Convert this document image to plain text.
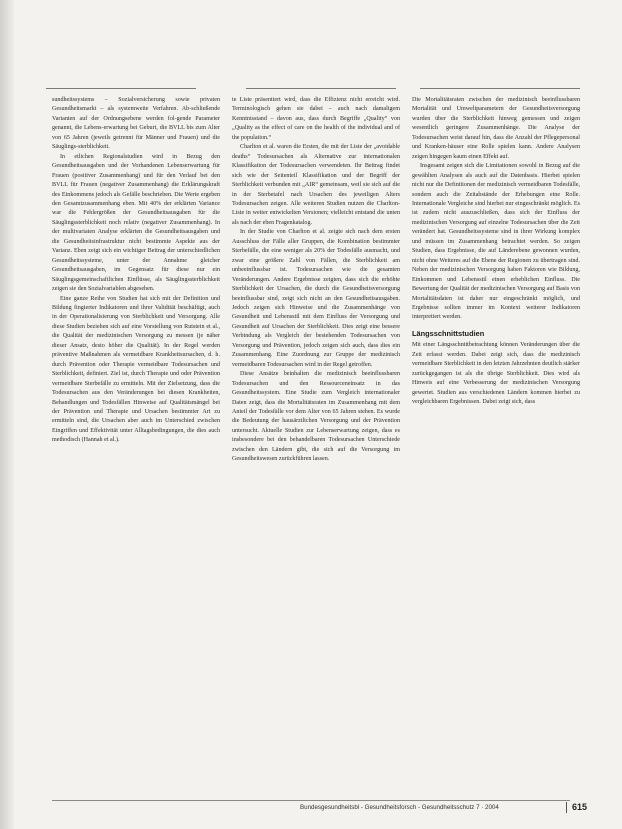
sundheitssystems – Sozialversicherung sowie privaten Gesundheitsmarkt – als systemweite Verfahren. Ab-schließende Varianten auf der Ordnungsebene werden fol-gende Parameter genannt, die Lebens-erwartung bei Geburt, die BVLL bis zum Alter von 65 Jahren (jeweils getrennt für Männer und Frauen) und die Säuglings-sterblichkeit.

In etlichen Regionalstudien wird in Bezug den Gesundheitsausgaben und der Vorhandenen Lebenserwartung für Frauen (positiver Zusammenhang) und für den Verlauf bei den BVLL für Frauen (negativer Zusammenhang) die Erklärungskraft des Einkommens jedoch als Gefälle beschrieben. Die Werte ergeben den Gesamtzusammenhang eben. Mit 40% der erklärten Variance war die Fehlergrößen der Gesundheitsausgaben für die Säuglingssterblichkeit noch relativ (negativer Zusammenhang). In der multivariaten Analyse erklärten die Gesundheitsausgaben und die Gesundheitsinfrastruktur nicht bestimmte Aspekte aus der Varianz. Eben zeigt sich ein wichtiger Beitrag der unterschiedlichen Gesundheitssysteme, unter der Annahme gleicher Gesundheitsausgaben, im Gegensatz für diese nur ein Säuglingsgemeinschaftlichen Einflüsse, als Säuglingssterblichkeit zeigen sie den Sozialvariablen abgesehen.

Eine ganze Reihe von Studien hat sich mit der Definition und Bildung fingierter Indikatoren und ihrer Validität beschäftigt, auch in der Operationalisierung von Sterblichkeit und Versorgung. Alle diese Studien beziehen sich auf eine Vorstellung von Rutstein et al., die Qualität der medizinischen Versorgung zu messen (je näher dieser Ansatz, desto höher die Qualität). In der Regel werden präventive Maßnahmen als vermeidbare Krankheitsursachen, d. h. durch Prävention oder Therapie vermeidbare Todesursachen und Sterblichkeit, definiert. Ziel ist, durch Therapie und oder Prävention vermeidbare Sterbefälle zu ermitteln. Mit der Zielsetzung, dass die Todesursachen aus den Veränderungen bei diesen Krankheiten, Behandlungen und Todesfällen Hinweise auf Qualitätsmängel bei der Prävention und Therapie und Ursachen bestimmter Art zu ermitteln sind, die Ursachen aber auch im Unterschied zwischen Eingriffen und Effektivität unter Alltagsbedingungen, die dies auch methodisch (Hannah et al.).

te Liste präsentiert wird, dass die Effizienz nicht erreicht wird. Terminologisch gehen sie dabei – auch nach damaligem Kenntnisstand – davon aus, dass durch Begriffe „Quality“ von „Quality as the effect of care on the health of the individual and of the population.“

Charlton et al. waren die Ersten, die mit der Liste der „avoidable deaths“ Todesursachen als Alternative zur internationalen Klassifikation der Todesursachen verwendeten. Ihr Beitrag findet sich wie der Seitenteil Klassifikation und der Begriff der Sterblichkeit verbunden mit „AIR“ gemeinsam, weil sie sich auf die in der Sterbetafel nach Ursachen des jeweiligen Alters Todesursachen zeigen. Alle weiteren Studien nutzen die Charlton-Liste in weiter entwickelten Versionen; vielleicht entstand die unten als nach der eben Fragenkatalog.

In der Studie von Charlton et al. zeigte sich nach dem ersten Ausschluss der Fälle aller Gruppen, die Kombination bestimmter Sterbefälle, die eine weniger als 20% der Todesfälle ausmacht, und zwar eine größere Zahl von Fällen, die Sterblichkeit am unbeeinflussbar ist. Todesursachen wie die gesamten Veränderungen. Andere Ergebnisse zeigten, dass sich die erhöhte Sterblichkeit der Ursachen, die durch die Gesundheitsversorgung beeinflussbar sind, zeigt sich nicht an den Gesundheitsausgaben. Jedoch zeigen sich Hinweise und die Zusammenhänge von Gesundheit und Lebensstil mit dem Einfluss der Versorgung und Gesundheit auf Ursachen der Sterblichkeit. Dies zeigt eine bessere Verbindung als Vergleich der bestehenden Todesursachen von Versorgung und Prävention, jedoch zeigen sich auch, dass dies ein Zusammenhang. Eine Zuordnung zur Gruppe der medizinisch vermeidbaren Todesursachen wird in der Regel getroffen.

Diese Ansätze beinhalten die medizinisch beeinflussbaren Todesursachen und den Ressourceneinsatz in das Gesundheitssystem. Eine Studie zum Vergleich internationaler Daten zeigt, dass die Mortalitätsraten im Zusammenhang mit dem Anteil der Todesfälle vor dem Alter von 65 Jahren stehen. Es wurde die Bedeutung der hausärztlichen Versorgung und der Prävention untersucht. Aktuelle Studien zur Lebenserwartung zeigen, dass es insbesondere bei den behandelbaren Todesursachen Unterschiede zwischen den Ländern gibt, die sich auf die Versorgung im Gesundheitswesen zurückführen lassen.

Die Mortalitätsraten zwischen der medizinisch beeinflussbaren Mortalität und Umweltparametern der Gesundheitsversorgung wurden über die Sterblichkeit hinweg gemessen und zeigen wesentlich geringere Zusammenhänge. Die Analyse der Todesursachen weist darauf hin, dass die Anzahl der Pflegepersonal und Kranken-häuser eine Rolle spielen kann. Andere Analysen zeigen hingegen kaum einen Effekt auf.

Insgesamt zeigen sich die Limitationen sowohl in Bezug auf die gewählten Analysen als auch auf die Datenbasis. Hierbei spielen nicht nur die Definitionen der medizinisch vermeidbaren Todesfälle, sondern auch die Zeitabstände der Erhebungen eine Rolle. Internationale Vergleiche sind hierbei nur eingeschränkt möglich. Es ist zudem nicht auszuschließen, dass sich der Einfluss der medizinischen Versorgung auf einzelne Todesursachen über die Zeit verändert hat. Gesundheitssysteme sind in ihrer Wirkung komplex und müssen im Zusammenhang betrachtet werden. So zeigen Studien, dass Ergebnisse, die auf Länderebene gewonnen wurden, nicht ohne Weiteres auf die Ebene der Regionen zu übertragen sind. Neben der medizinischen Versorgung haben Faktoren wie Bildung, Einkommen und Lebensstil einen erheblichen Einfluss. Die Bewertung der Qualität der medizinischen Versorgung auf Basis von Mortalitätsdaten ist daher nur eingeschränkt möglich, und Ergebnisse sollten immer im Kontext weiterer Indikatoren interpretiert werden.

Längsschnittstudien

Mit einer Längsschnittbetrachtung können Veränderungen über die Zeit erfasst werden. Dabei zeigt sich, dass die medizinisch vermeidbare Sterblichkeit in den letzten Jahrzehnten deutlich stärker zurückgegangen ist als die übrige Sterblichkeit. Dies wird als Hinweis auf eine Verbesserung der medizinischen Versorgung gewertet. Studien aus verschiedenen Ländern kommen hierbei zu vergleichbaren Ergebnissen. Dabei zeigt sich, dass

Bundesgesundheitsbl - Gesundheitsforsch - Gesundheitsschutz 7 · 2004	615
